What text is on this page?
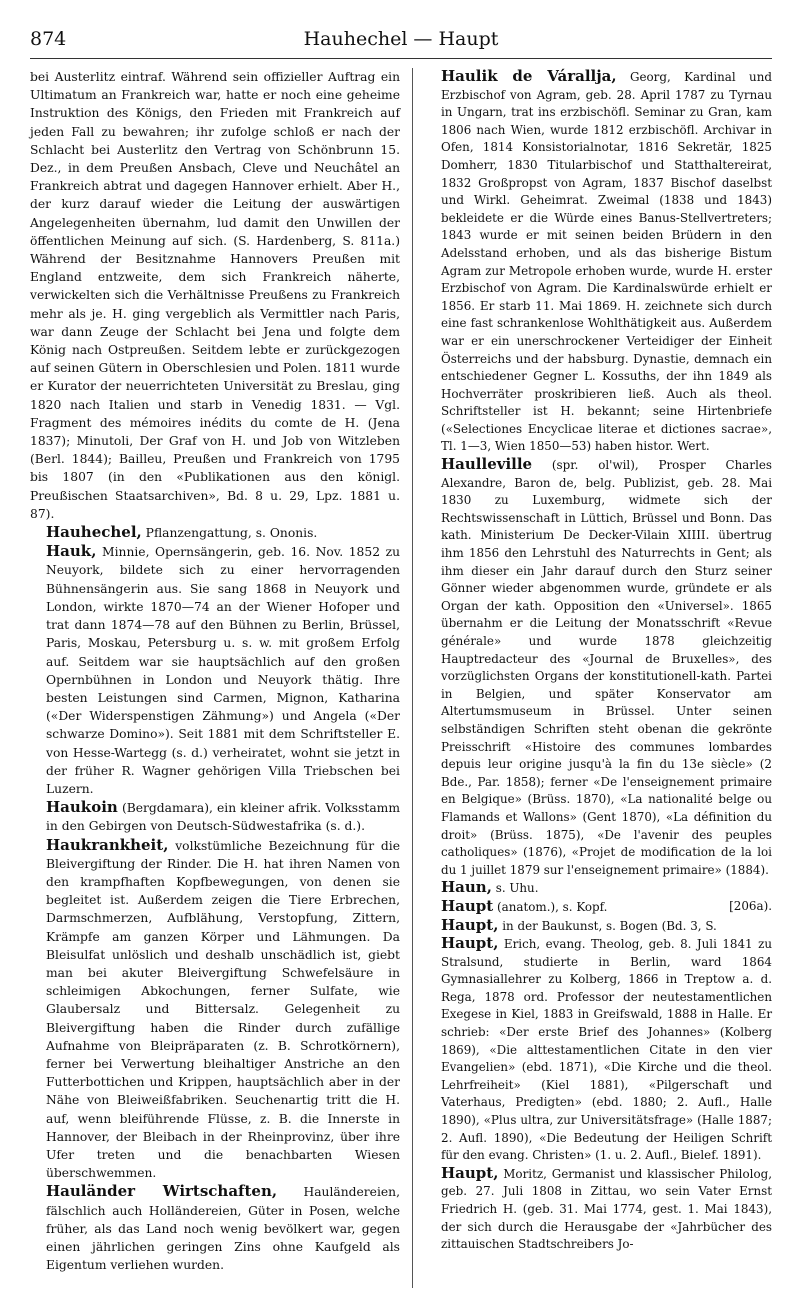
874	Hauhechel — Haupt

bei Austerlitz eintraf. Während sein offizieller Auftrag ein Ultimatum an Frankreich war, hatte er noch eine geheime Instruktion des Königs, den Frieden mit Frankreich auf jeden Fall zu bewahren; ihr zufolge schloß er nach der Schlacht bei Austerlitz den Vertrag von Schönbrunn 15. Dez., in dem Preußen Ansbach, Cleve und Neuchâtel an Frankreich abtrat und dagegen Hannover erhielt. Aber H., der kurz darauf wieder die Leitung der auswärtigen Angelegenheiten übernahm, lud damit den Unwillen der öffentlichen Meinung auf sich. (S. Hardenberg, S. 811a.) Während der Besitznahme Hannovers Preußen mit England entzweite, dem sich Frankreich näherte, verwickelten sich die Verhältnisse Preußens zu Frankreich mehr als je. H. ging vergeblich als Vermittler nach Paris, war dann Zeuge der Schlacht bei Jena und folgte dem König nach Ostpreußen. Seitdem lebte er zurückgezogen auf seinen Gütern in Oberschlesien und Polen. 1811 wurde er Kurator der neuerrichteten Universität zu Breslau, ging 1820 nach Italien und starb in Venedig 1831. — Vgl. Fragment des mémoires inédits du comte de H. (Jena 1837); Minutoli, Der Graf von H. und Job von Witzleben (Berl. 1844); Bailleu, Preußen und Frankreich von 1795 bis 1807 (in den «Publikationen aus den königl. Preußischen Staatsarchiven», Bd. 8 u. 29, Lpz. 1881 u. 87).

Hauhechel, Pflanzengattung, s. Ononis.

Hauk, Minnie, Opernsängerin, geb. 16. Nov. 1852 zu Neuyork, bildete sich zu einer hervorragenden Bühnensängerin aus. Sie sang 1868 in Neuyork und London, wirkte 1870—74 an der Wiener Hofoper und trat dann 1874—78 auf den Bühnen zu Berlin, Brüssel, Paris, Moskau, Petersburg u. s. w. mit großem Erfolg auf. Seitdem war sie hauptsächlich auf den großen Opernbühnen in London und Neuyork thätig. Ihre besten Leistungen sind Carmen, Mignon, Katharina («Der Widerspenstigen Zähmung») und Angela («Der schwarze Domino»). Seit 1881 mit dem Schriftsteller E. von Hesse-Wartegg (s. d.) verheiratet, wohnt sie jetzt in der früher R. Wagner gehörigen Villa Triebschen bei Luzern.

Haukoin (Bergdamara), ein kleiner afrik. Volksstamm in den Gebirgen von Deutsch-Südwestafrika (s. d.).

Haukrankheit, volkstümliche Bezeichnung für die Bleivergiftung der Rinder. Die H. hat ihren Namen von den krampfhaften Kopfbewegungen, von denen sie begleitet ist. Außerdem zeigen die Tiere Erbrechen, Darmschmerzen, Aufblähung, Verstopfung, Zittern, Krämpfe am ganzen Körper und Lähmungen. Da Bleisulfat unlöslich und deshalb unschädlich ist, giebt man bei akuter Bleivergiftung Schwefelsäure in schleimigen Abkochungen, ferner Sulfate, wie Glaubersalz und Bittersalz. Gelegenheit zu Bleivergiftung haben die Rinder durch zufällige Aufnahme von Bleipräparaten (z. B. Schrotkörnern), ferner bei Verwertung bleihaltiger Anstriche an den Futterbottichen und Krippen, hauptsächlich aber in der Nähe von Bleiweißfabriken. Seuchenartig tritt die H. auf, wenn bleiführende Flüsse, z. B. die Innerste in Hannover, der Bleibach in der Rheinprovinz, über ihre Ufer treten und die benachbarten Wiesen überschwemmen.

Hauländer Wirtschaften, Hauländereien, fälschlich auch Holländereien, Güter in Posen, welche früher, als das Land noch wenig bevölkert war, gegen einen jährlichen geringen Zins ohne Kaufgeld als Eigentum verliehen wurden.

Haulik de Várallja, Georg, Kardinal und Erzbischof von Agram, geb. 28. April 1787 zu Tyrnau in Ungarn, trat ins erzbischöfl. Seminar zu Gran, kam 1806 nach Wien, wurde 1812 erzbischöfl. Archivar in Ofen, 1814 Konsistorialnotar, 1816 Sekretär, 1825 Domherr, 1830 Titularbischof und Statthaltereirat, 1832 Großpropst von Agram, 1837 Bischof daselbst und Wirkl. Geheimrat. Zweimal (1838 und 1843) bekleidete er die Würde eines Banus-Stellvertreters; 1843 wurde er mit seinen beiden Brüdern in den Adelsstand erhoben, und als das bisherige Bistum Agram zur Metropole erhoben wurde, wurde H. erster Erzbischof von Agram. Die Kardinalswürde erhielt er 1856. Er starb 11. Mai 1869. H. zeichnete sich durch eine fast schrankenlose Wohlthätigkeit aus. Außerdem war er ein unerschrockener Verteidiger der Einheit Österreichs und der habsburg. Dynastie, demnach ein entschiedener Gegner L. Kossuths, der ihn 1849 als Hochverräter proskribieren ließ. Auch als theol. Schriftsteller ist H. bekannt; seine Hirtenbriefe («Selectiones Encyclicae literae et dictiones sacrae», Tl. 1—3, Wien 1850—53) haben histor. Wert.

Haulleville (spr. ol'wil), Prosper Charles Alexandre, Baron de, belg. Publizist, geb. 28. Mai 1830 zu Luxemburg, widmete sich der Rechtswissenschaft in Lüttich, Brüssel und Bonn. Das kath. Ministerium De Decker-Vilain XIIII. übertrug ihm 1856 den Lehrstuhl des Naturrechts in Gent; als ihm dieser ein Jahr darauf durch den Sturz seiner Gönner wieder abgenommen wurde, gründete er als Organ der kath. Opposition den «Universel». 1865 übernahm er die Leitung der Monatsschrift «Revue générale» und wurde 1878 gleichzeitig Hauptredacteur des «Journal de Bruxelles», des vorzüglichsten Organs der konstitutionell-kath. Partei in Belgien, und später Konservator am Altertumsmuseum in Brüssel. Unter seinen selbständigen Schriften steht obenan die gekrönte Preisschrift «Histoire des communes lombardes depuis leur origine jusqu'à la fin du 13e siècle» (2 Bde., Par. 1858); ferner «De l'enseignement primaire en Belgique» (Brüss. 1870), «La nationalité belge ou Flamands et Wallons» (Gent 1870), «La définition du droit» (Brüss. 1875), «De l'avenir des peuples catholiques» (1876), «Projet de modification de la loi du 1 juillet 1879 sur l'enseignement primaire» (1884).

Haun, s. Uhu.

Haupt (anatom.), s. Kopf.	[206a).

Haupt, in der Baukunst, s. Bogen (Bd. 3, S.

Haupt, Erich, evang. Theolog, geb. 8. Juli 1841 zu Stralsund, studierte in Berlin, ward 1864 Gymnasiallehrer zu Kolberg, 1866 in Treptow a. d. Rega, 1878 ord. Professor der neutestamentlichen Exegese in Kiel, 1883 in Greifswald, 1888 in Halle. Er schrieb: «Der erste Brief des Johannes» (Kolberg 1869), «Die alttestamentlichen Citate in den vier Evangelien» (ebd. 1871), «Die Kirche und die theol. Lehrfreiheit» (Kiel 1881), «Pilgerschaft und Vaterhaus, Predigten» (ebd. 1880; 2. Aufl., Halle 1890), «Plus ultra, zur Universitätsfrage» (Halle 1887; 2. Aufl. 1890), «Die Bedeutung der Heiligen Schrift für den evang. Christen» (1. u. 2. Aufl., Bielef. 1891).

Haupt, Moritz, Germanist und klassischer Philolog, geb. 27. Juli 1808 in Zittau, wo sein Vater Ernst Friedrich H. (geb. 31. Mai 1774, gest. 1. Mai 1843), der sich durch die Herausgabe der «Jahrbücher des zittauischen Stadtschreibers Jo-
